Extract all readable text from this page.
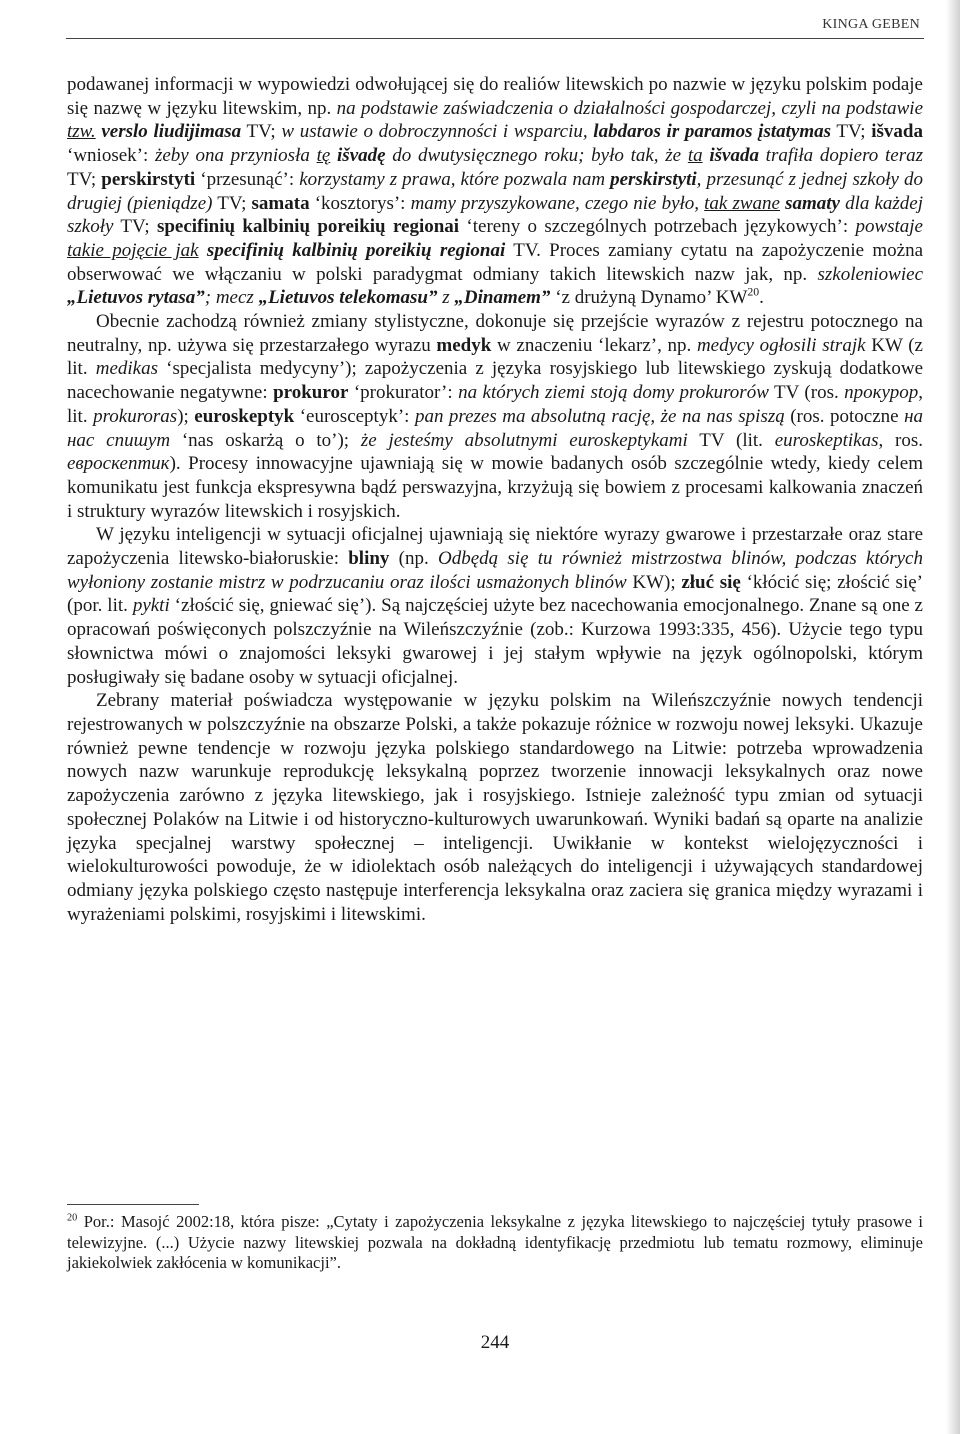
KINGA GEBEN

podawanej informacji w wypowiedzi odwołującej się do realiów litewskich po nazwie w języku polskim podaje się nazwę w języku litewskim, np. na podstawie zaświadczenia o działalności gospodarczej, czyli na podstawie tzw. verslo liudijimasa TV; w ustawie o dobroczynności i wsparciu, labdaros ir paramos įstatymas TV; išvada ‘wniosek’: żeby ona przyniosła tę išvadę do dwutysięcznego roku; było tak, że ta išvada trafiła dopiero teraz TV; perskirstyti ‘przesunąć’: korzystamy z prawa, które pozwala nam perskirstyti, przesunąć z jednej szkoły do drugiej (pieniądze) TV; samata ‘kosztorys’: mamy przyszykowane, czego nie było, tak zwane samaty dla każdej szkoły TV; specifinių kalbinių poreikių regionai ‘tereny o szczególnych potrzebach językowych’: powstaje takie pojęcie jak specifinių kalbinių poreikių regionai TV. Proces zamiany cytatu na zapożyczenie można obserwować we włączaniu w polski paradygmat odmiany takich litewskich nazw jak, np. szkoleniowiec „Lietuvos rytasa”; mecz „Lietuvos telekomasu” z „Dinamem” ‘z drużyną Dynamo’ KW$^{20}$.

Obecnie zachodzą również zmiany stylistyczne, dokonuje się przejście wyrazów z rejestru potocznego na neutralny, np. używa się przestarzałego wyrazu medyk w znaczeniu ‘lekarz’, np. medycy ogłosili strajk KW (z lit. medikas ‘specjalista medycyny’); zapożyczenia z języka rosyjskiego lub litewskiego zyskują dodatkowe nacechowanie negatywne: prokuror ‘prokurator’: na których ziemi stoją domy prokurorów TV (ros. прокурор, lit. prokuroras); euroskeptyk ‘eurosceptyk’: pan prezes ma absolutną rację, że na nas spiszą (ros. potoczne на нас спишут ‘nas oskarżą o to’); że jesteśmy absolutnymi euroskeptykami TV (lit. euroskeptikas, ros. евроскептик). Procesy innowacyjne ujawniają się w mowie badanych osób szczególnie wtedy, kiedy celem komunikatu jest funkcja ekspresywna bądź perswazyjna, krzyżują się bowiem z procesami kalkowania znaczeń i struktury wyrazów litewskich i rosyjskich.

W języku inteligencji w sytuacji oficjalnej ujawniają się niektóre wyrazy gwarowe i przestarzałe oraz stare zapożyczenia litewsko-białoruskie: bliny (np. Odbędą się tu również mistrzostwa blinów, podczas których wyłoniony zostanie mistrz w podrzucaniu oraz ilości usmażonych blinów KW); złuć się ‘kłócić się; złościć się’ (por. lit. pykti ‘złościć się, gniewać się’). Są najczęściej użyte bez nacechowania emocjonalnego. Znane są one z opracowań poświęconych polszczyźnie na Wileńszczyźnie (zob.: Kurzowa 1993:335, 456). Użycie tego typu słownictwa mówi o znajomości leksyki gwarowej i jej stałym wpływie na język ogólnopolski, którym posługiwały się badane osoby w sytuacji oficjalnej.

Zebrany materiał poświadcza występowanie w języku polskim na Wileńszczyźnie nowych tendencji rejestrowanych w polszczyźnie na obszarze Polski, a także pokazuje różnice w rozwoju nowej leksyki. Ukazuje również pewne tendencje w rozwoju języka polskiego standardowego na Litwie: potrzeba wprowadzenia nowych nazw warunkuje reprodukcję leksykalną poprzez tworzenie innowacji leksykalnych oraz nowe zapożyczenia zarówno z języka litewskiego, jak i rosyjskiego. Istnieje zależność typu zmian od sytuacji społecznej Polaków na Litwie i od historyczno-kulturowych uwarunkowań. Wyniki badań są oparte na analizie języka specjalnej warstwy społecznej – inteligencji. Uwikłanie w kontekst wielojęzyczności i wielokulturowości powoduje, że w idiolektach osób należących do inteligencji i używających standardowej odmiany języka polskiego często następuje interferencja leksykalna oraz zaciera się granica między wyrazami i wyrażeniami polskimi, rosyjskimi i litewskimi.

$^{20}$ Por.: Masojć 2002:18, która pisze: „Cytaty i zapożyczenia leksykalne z języka litewskiego to najczęściej tytuły prasowe i telewizyjne. (...) Użycie nazwy litewskiej pozwala na dokładną identyfikację przedmiotu lub tematu rozmowy, eliminuje jakiekolwiek zakłócenia w komunikacji”.

244
